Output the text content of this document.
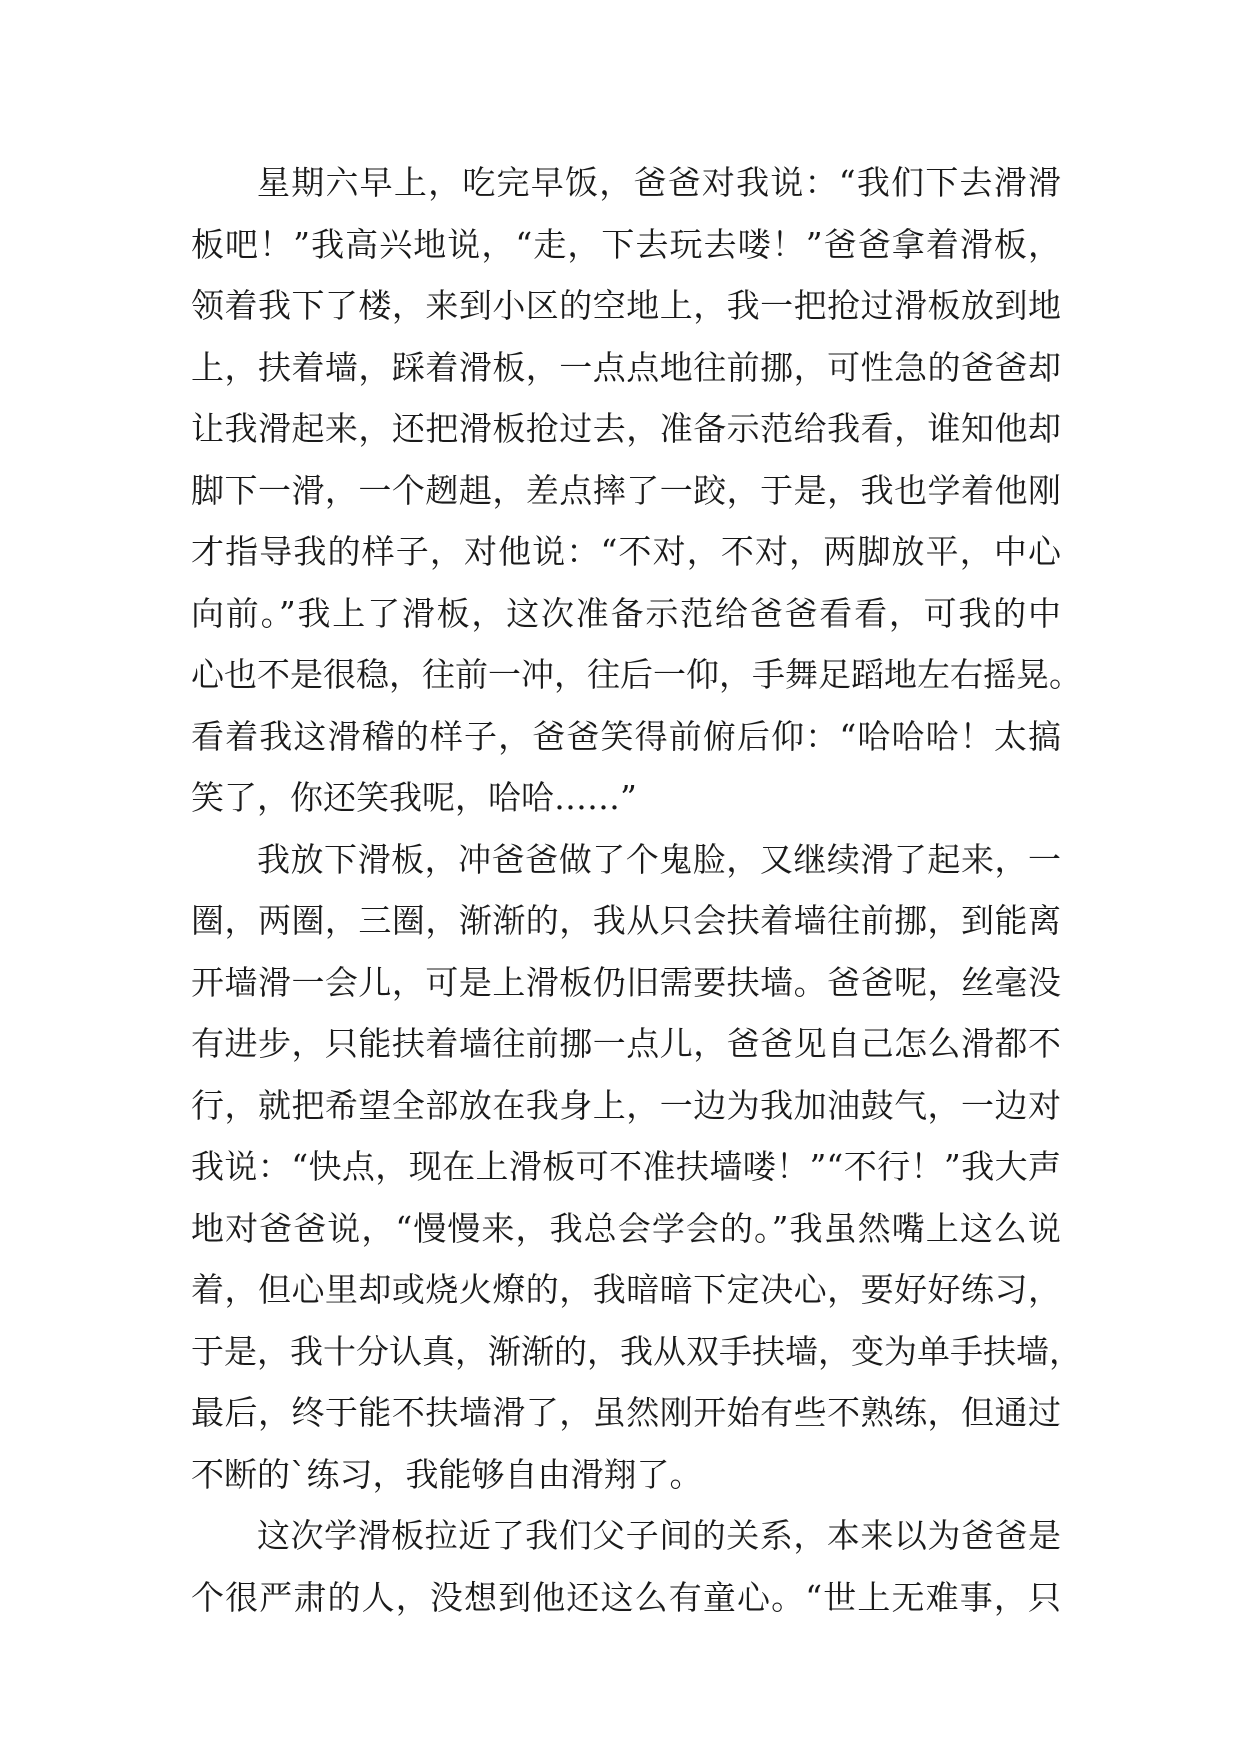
星期六早上，吃完早饭，爸爸对我说：“我们下去滑滑

板吧！”我高兴地说，“走，下去玩去喽！”爸爸拿着滑板，

领着我下了楼，来到小区的空地上，我一把抢过滑板放到地

上，扶着墙，踩着滑板，一点点地往前挪，可性急的爸爸却

让我滑起来，还把滑板抢过去，准备示范给我看，谁知他却

脚下一滑，一个趔趄，差点摔了一跤，于是，我也学着他刚

才指导我的样子，对他说：“不对，不对，两脚放平，中心

向前。”我上了滑板，这次准备示范给爸爸看看，可我的中

心也不是很稳，往前一冲，往后一仰，手舞足蹈地左右摇晃。

看着我这滑稽的样子，爸爸笑得前俯后仰：“哈哈哈！太搞

笑了，你还笑我呢，哈哈……”

我放下滑板，冲爸爸做了个鬼脸，又继续滑了起来，一

圈，两圈，三圈，渐渐的，我从只会扶着墙往前挪，到能离

开墙滑一会儿，可是上滑板仍旧需要扶墙。爸爸呢，丝毫没

有进步，只能扶着墙往前挪一点儿，爸爸见自己怎么滑都不

行，就把希望全部放在我身上，一边为我加油鼓气，一边对

我说：“快点，现在上滑板可不准扶墙喽！”“不行！”我大声

地对爸爸说，“慢慢来，我总会学会的。”我虽然嘴上这么说

着，但心里却或烧火燎的，我暗暗下定决心，要好好练习，

于是，我十分认真，渐渐的，我从双手扶墙，变为单手扶墙，

最后，终于能不扶墙滑了，虽然刚开始有些不熟练，但通过

不断的`练习，我能够自由滑翔了。

这次学滑板拉近了我们父子间的关系，本来以为爸爸是

个很严肃的人，没想到他还这么有童心。“世上无难事，只
